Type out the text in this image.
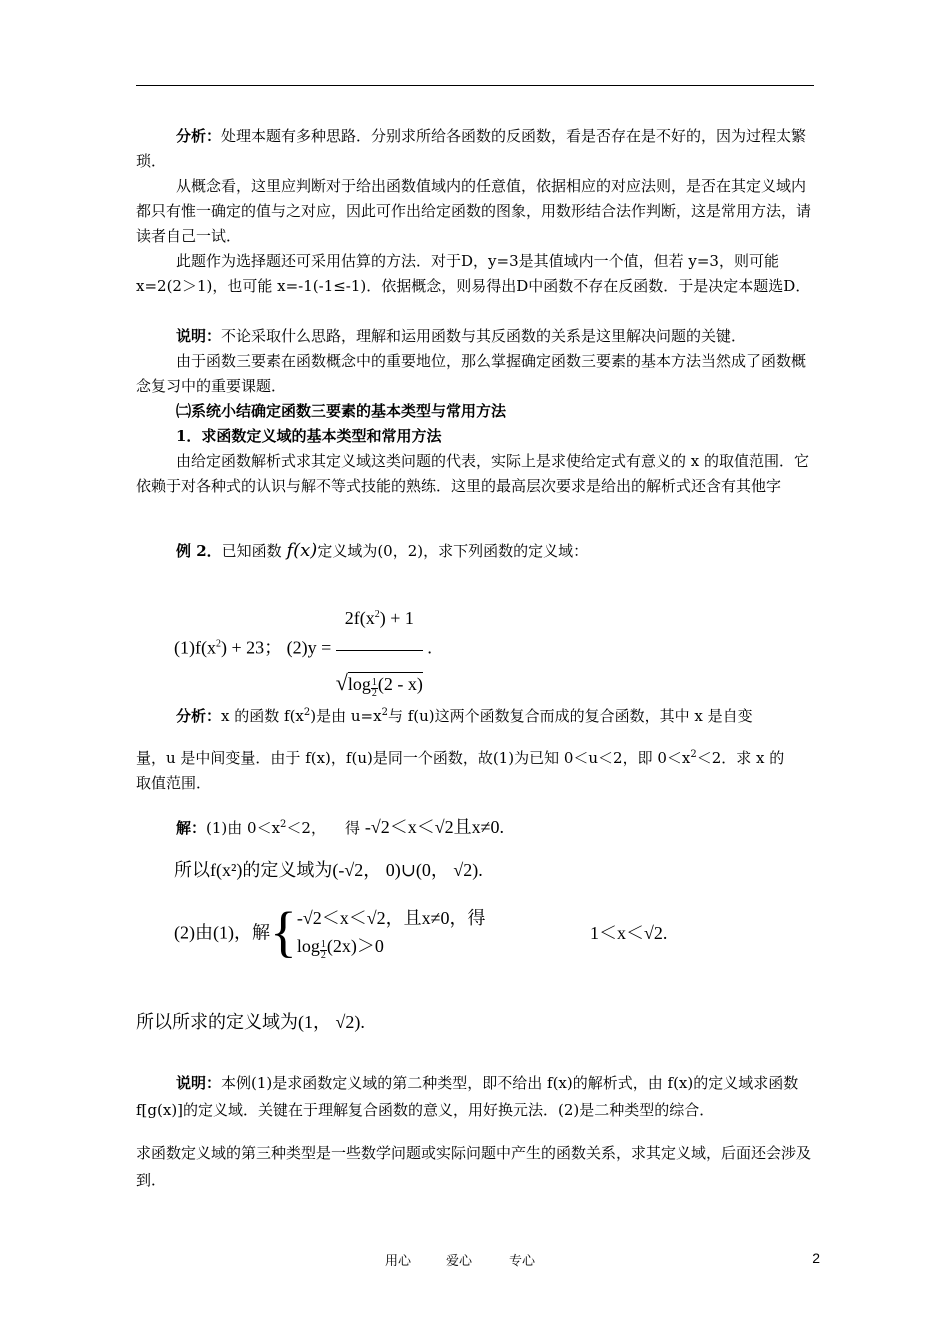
分析：处理本题有多种思路．分别求所给各函数的反函数，看是否存在是不好的，因为过程太繁琐．

从概念看，这里应判断对于给出函数值域内的任意值，依据相应的对应法则，是否在其定义域内都只有惟一确定的值与之对应，因此可作出给定函数的图象，用数形结合法作判断，这是常用方法，请读者自己一试．

此题作为选择题还可采用估算的方法．对于D，y=3是其值域内一个值，但若 y=3，则可能 x=2(2＞1)，也可能 x=-1(-1≤-1)．依据概念，则易得出D中函数不存在反函数．于是决定本题选D．

说明：不论采取什么思路，理解和运用函数与其反函数的关系是这里解决问题的关键．

由于函数三要素在函数概念中的重要地位，那么掌握确定函数三要素的基本方法当然成了函数概念复习中的重要课题．

㈡系统小结确定函数三要素的基本类型与常用方法

1．求函数定义域的基本类型和常用方法

由给定函数解析式求其定义域这类问题的代表，实际上是求使给定式有意义的 x 的取值范围．它依赖于对各种式的认识与解不等式技能的熟练．这里的最高层次要求是给出的解析式还含有其他字

例 2．已知函数 f(x)定义域为(0，2)，求下列函数的定义域：

$(1)f(x^2) + 23$； $(2)y = \frac{2f(x^2) + 1}{√\log \frac{1}{2} (2 - x)}$ .

分析：x 的函数 $f(x^2)$是由 $u=x^2$与 f(u)这两个函数复合而成的复合函数，其中 x 是自变

量，u 是中间变量．由于 f(x)，f(u)是同一个函数，故(1)为已知 0＜u＜2，即 $0<x^2<2$．求 x 的

取值范围．

解：(1)由 $0<x^2<2$， 得 -√2＜x＜√2且x≠0.

所以f(x²)的定义域为(-√2， 0)∪(0， √2).

(2)由(1)，解{ -√2＜x＜√2，且x≠0，得
$\log \frac{1}{2} (2x)>0$
1＜x＜√2.

所以所求的定义域为(1， √2).

说明：本例(1)是求函数定义域的第二种类型，即不给出 f(x)的解析式，由 f(x)的定义域求函数 f[g(x)]的定义域．关键在于理解复合函数的意义，用好换元法．(2)是二种类型的综合．

求函数定义域的第三种类型是一些数学问题或实际问题中产生的函数关系，求其定义域，后面还会涉及到．

用心	爱心	专心	2
